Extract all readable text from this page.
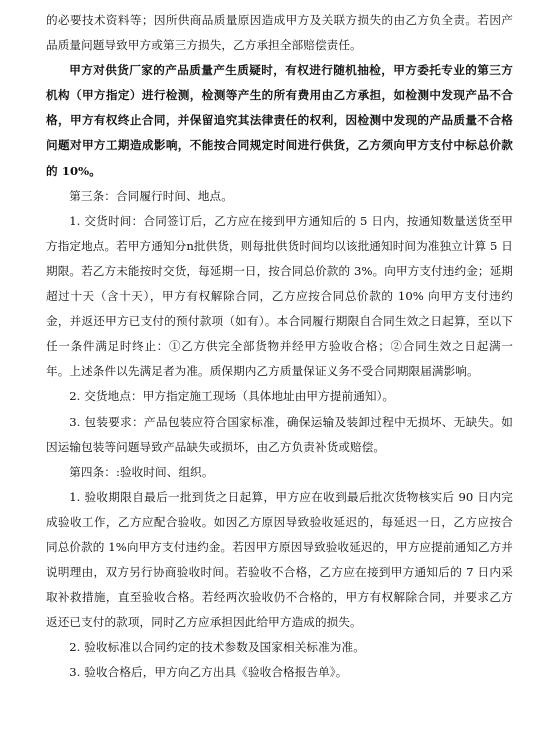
的必要技术资料等；因所供商品质量原因造成甲方及关联方损失的由乙方负全责。若因产品质量问题导致甲方或第三方损失，乙方承担全部赔偿责任。

甲方对供货厂家的产品质量产生质疑时，有权进行随机抽检，甲方委托专业的第三方机构（甲方指定）进行检测，检测等产生的所有费用由乙方承担，如检测中发现产品不合格，甲方有权终止合同，并保留追究其法律责任的权利，因检测中发现的产品质量不合格问题对甲方工期造成影响，不能按合同规定时间进行供货，乙方须向甲方支付中标总价款的 10%。

第三条：合同履行时间、地点。

1. 交货时间：合同签订后，乙方应在接到甲方通知后的 5 日内，按通知数量送货至甲方指定地点。若甲方通知分n批供货，则每批供货时间均以该批通知时间为准独立计算 5 日期限。若乙方未能按时交货，每延期一日，按合同总价款的 3%。向甲方支付违约金；延期超过十天（含十天），甲方有权解除合同，乙方应按合同总价款的 10% 向甲方支付违约金，并返还甲方已支付的预付款项（如有）。本合同履行期限自合同生效之日起算，至以下任一条件满足时终止：①乙方供完全部货物并经甲方验收合格；②合同生效之日起满一年。上述条件以先满足者为准。质保期内乙方质量保证义务不受合同期限届满影响。

2. 交货地点：甲方指定施工现场（具体地址由甲方提前通知）。

3. 包装要求：产品包装应符合国家标准，确保运输及装卸过程中无损坏、无缺失。如因运输包装等问题导致产品缺失或损坏，由乙方负责补货或赔偿。

第四条：:验收时间、组织。

1. 验收期限自最后一批到货之日起算，甲方应在收到最后批次货物核实后 90 日内完成验收工作，乙方应配合验收。如因乙方原因导致验收延迟的，每延迟一日，乙方应按合同总价款的 1%向甲方支付违约金。若因甲方原因导致验收延迟的，甲方应提前通知乙方并说明理由，双方另行协商验收时间。若验收不合格，乙方应在接到甲方通知后的 7 日内采取补救措施，直至验收合格。若经两次验收仍不合格的，甲方有权解除合同，并要求乙方返还已支付的款项，同时乙方应承担因此给甲方造成的损失。

2. 验收标准以合同约定的技术参数及国家相关标准为准。

3. 验收合格后，甲方向乙方出具《验收合格报告单》。
